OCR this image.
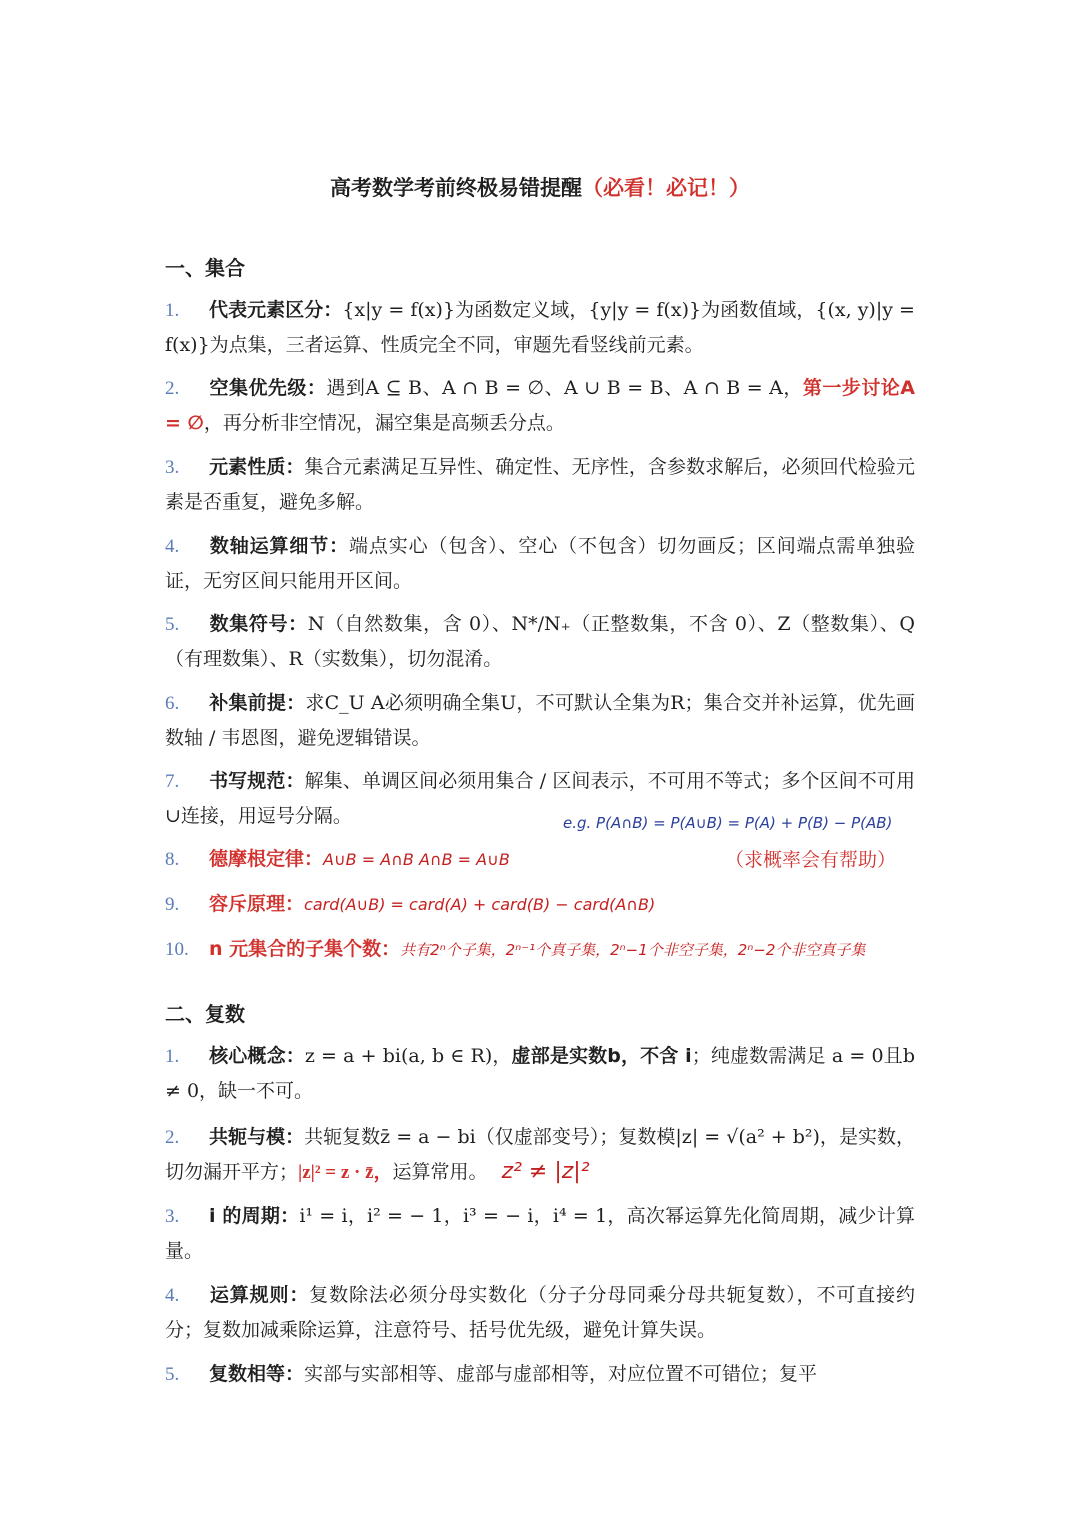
高考数学考前终极易错提醒（必看！必记！）
一、集合
1. 代表元素区分：{x|y = f(x)}为函数定义域，{y|y = f(x)}为函数值域，{(x, y)|y = f(x)}为点集，三者运算、性质完全不同，审题先看竖线前元素。
2. 空集优先级：遇到A ⊆ B、A ∩ B = ∅、A ∪ B = B、A ∩ B = A，第一步讨论A = ∅，再分析非空情况，漏空集是高频丢分点。
3. 元素性质：集合元素满足互异性、确定性、无序性，含参数求解后，必须回代检验元素是否重复，避免多解。
4. 数轴运算细节：端点实心（包含）、空心（不包含）切勿画反；区间端点需单独验证，无穷区间只能用开区间。
5. 数集符号：N（自然数集，含 0）、N*/N₊（正整数集，不含 0）、Z（整数集）、Q（有理数集）、R（实数集），切勿混淆。
6. 补集前提：求C_U A必须明确全集U，不可默认全集为R；集合交并补运算，优先画数轴 / 韦恩图，避免逻辑错误。
7. 书写规范：解集、单调区间必须用集合 / 区间表示，不可用不等式；多个区间不可用∪连接，用逗号分隔。	e.g. P(A∩B) = P(A∪B) = P(A) + P(B) − P(AB)
（求概率会有帮助）
8. 德摩根定律：A∪B = A∩B A∩B = A∪B
9. 容斥原理：card(A∪B) = card(A) + card(B) − card(A∩B)
10. n 元集合的子集个数：共有2ⁿ个子集，2ⁿ⁻¹个真子集，2ⁿ−1个非空子集，2ⁿ−2个非空真子集
二、复数
1. 核心概念：z = a + bi(a, b ∈ R)，虚部是实数b，不含 i；纯虚数需满足 a = 0且b ≠ 0，缺一不可。
2. 共轭与模：共轭复数z̄ = a − bi（仅虚部变号）；复数模|z| = √(a² + b²)，是实数，切勿漏开平方；|z|² = z · z̄，运算常用。 z² ≠ |z|²
3. i 的周期：i¹ = i，i² = − 1，i³ = − i，i⁴ = 1，高次幂运算先化简周期，减少计算量。
4. 运算规则：复数除法必须分母实数化（分子分母同乘分母共轭复数），不可直接约分；复数加减乘除运算，注意符号、括号优先级，避免计算失误。
5. 复数相等：实部与实部相等、虚部与虚部相等，对应位置不可错位；复平
